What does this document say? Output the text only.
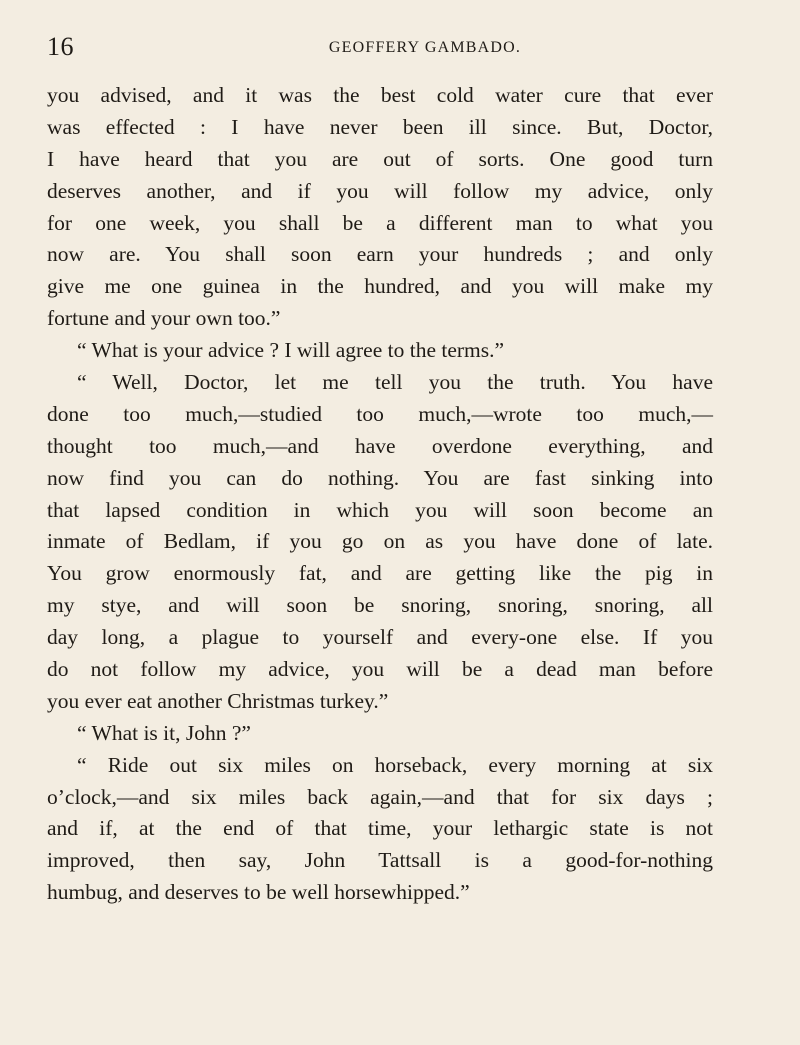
16	GEOFFERY GAMBADO.
you advised, and it was the best cold water cure that ever
was effected : I have never been ill since. But, Doctor,
I have heard that you are out of sorts. One good turn
deserves another, and if you will follow my advice, only
for one week, you shall be a different man to what you
now are. You shall soon earn your hundreds ; and only
give me one guinea in the hundred, and you will make my
fortune and your own too.”
“ What is your advice ? I will agree to the terms.”
“ Well, Doctor, let me tell you the truth. You have
done too much,—studied too much,—wrote too much,—
thought too much,—and have overdone everything, and
now find you can do nothing. You are fast sinking into
that lapsed condition in which you will soon become an
inmate of Bedlam, if you go on as you have done of late.
You grow enormously fat, and are getting like the pig in
my stye, and will soon be snoring, snoring, snoring, all
day long, a plague to yourself and every-one else. If you
do not follow my advice, you will be a dead man before
you ever eat another Christmas turkey.”
“ What is it, John ?”
“ Ride out six miles on horseback, every morning at six
o’clock,—and six miles back again,—and that for six days ;
and if, at the end of that time, your lethargic state is not
improved, then say, John Tattsall is a good-for-nothing
humbug, and deserves to be well horsewhipped.”
